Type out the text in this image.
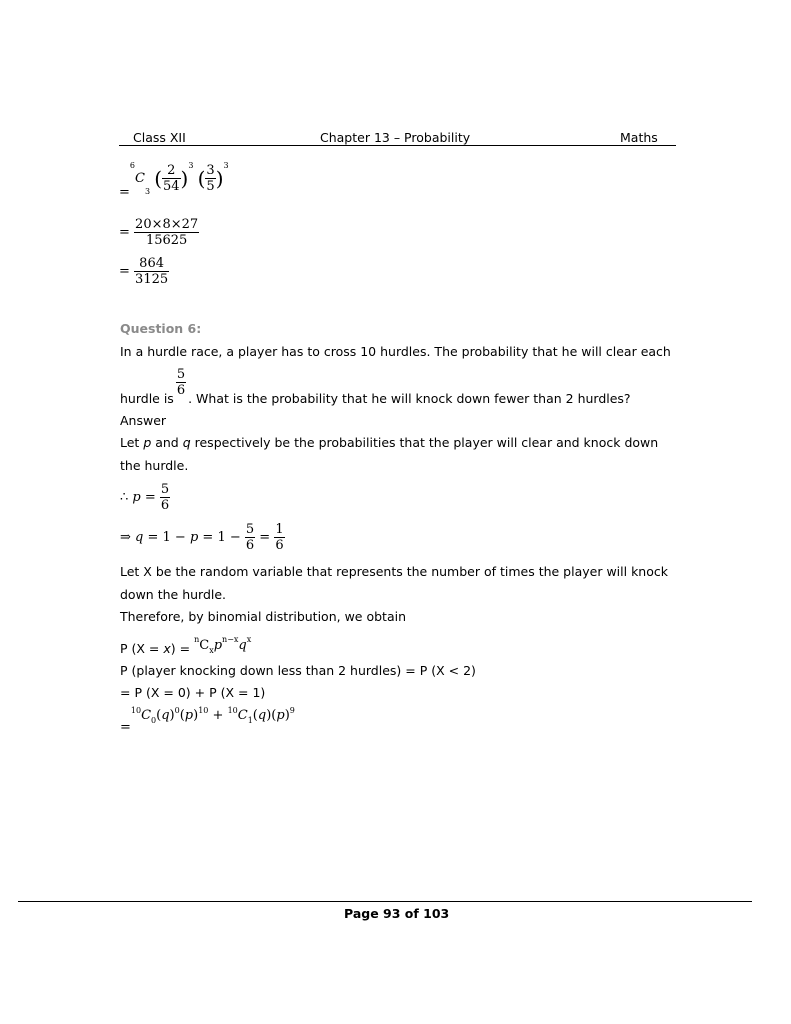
Class XII	Chapter 13 – Probability	Maths
=$^6$C3 ( $\frac{2}{54} )^3$ ( $\frac{3}{5} )^3$
= $\frac{20\times 8\times 27}{15625}$
= $\frac{864}{3125}$
Question 6:
In a hurdle race, a player has to cross 10 hurdles. The probability that he will clear each
hurdle is
$\frac{5}{6}$
. What is the probability that he will knock down fewer than 2 hurdles?
Answer
Let p and q respectively be the probabilities that the player will clear and knock down
the hurdle.
∴ $p = \frac{5}{6}$
⇒ $q = 1 - p = 1 - \frac{5}{6} = \frac{1}{6}$
Let X be the random variable that represents the number of times the player will knock
down the hurdle.
Therefore, by binomial distribution, we obtain
P $(X = x) = ^nCxp^{n-x}q^x$
P (player knocking down less than 2 hurdles) = P (X < 2)
= P (X = 0) + P (X = 1)
$=^{10}C0(q)^0(p)^{10} + ^{10}C1(q)(p)^9$
Page 93 of 103
